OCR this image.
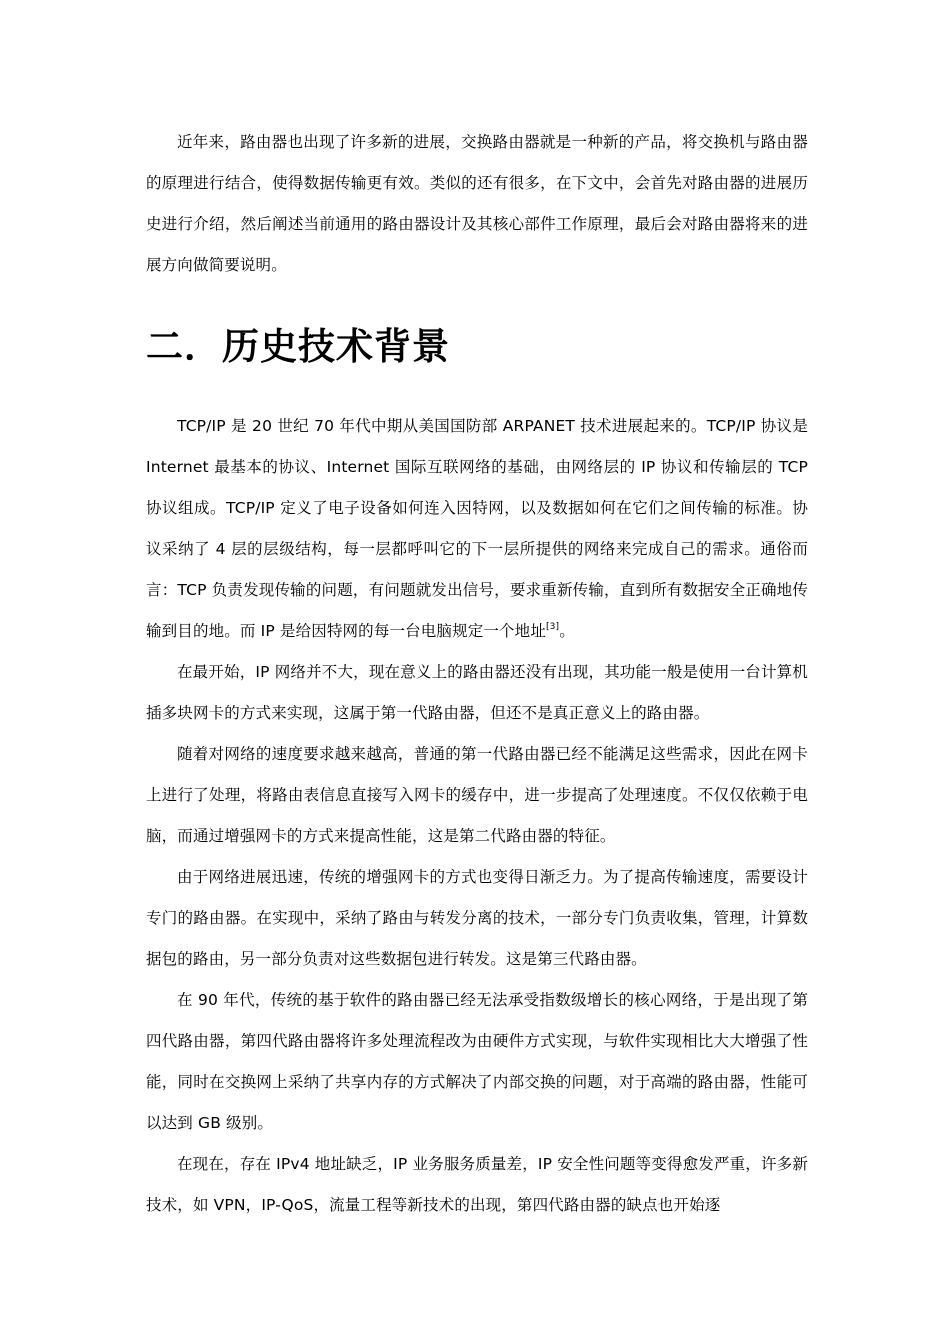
近年来，路由器也出现了许多新的进展，交换路由器就是一种新的产品，将交换机与路由器的原理进行结合，使得数据传输更有效。类似的还有很多，在下文中，会首先对路由器的进展历史进行介绍，然后阐述当前通用的路由器设计及其核心部件工作原理，最后会对路由器将来的进展方向做简要说明。

二．历史技术背景

TCP/IP 是 20 世纪 70 年代中期从美国国防部 ARPANET 技术进展起来的。TCP/IP 协议是 Internet 最基本的协议、Internet 国际互联网络的基础，由网络层的 IP 协议和传输层的 TCP 协议组成。TCP/IP 定义了电子设备如何连入因特网，以及数据如何在它们之间传输的标准。协议采纳了 4 层的层级结构，每一层都呼叫它的下一层所提供的网络来完成自己的需求。通俗而言：TCP 负责发现传输的问题，有问题就发出信号，要求重新传输，直到所有数据安全正确地传输到目的地。而 IP 是给因特网的每一台电脑规定一个地址[3]。

在最开始，IP 网络并不大，现在意义上的路由器还没有出现，其功能一般是使用一台计算机插多块网卡的方式来实现，这属于第一代路由器，但还不是真正意义上的路由器。

随着对网络的速度要求越来越高，普通的第一代路由器已经不能满足这些需求，因此在网卡上进行了处理，将路由表信息直接写入网卡的缓存中，进一步提高了处理速度。不仅仅依赖于电脑，而通过增强网卡的方式来提高性能，这是第二代路由器的特征。

由于网络进展迅速，传统的增强网卡的方式也变得日渐乏力。为了提高传输速度，需要设计专门的路由器。在实现中，采纳了路由与转发分离的技术，一部分专门负责收集，管理，计算数据包的路由，另一部分负责对这些数据包进行转发。这是第三代路由器。

在 90 年代，传统的基于软件的路由器已经无法承受指数级增长的核心网络，于是出现了第四代路由器，第四代路由器将许多处理流程改为由硬件方式实现，与软件实现相比大大增强了性能，同时在交换网上采纳了共享内存的方式解决了内部交换的问题，对于高端的路由器，性能可以达到 GB 级别。

在现在，存在 IPv4 地址缺乏，IP 业务服务质量差，IP 安全性问题等变得愈发严重，许多新技术，如 VPN，IP-QoS，流量工程等新技术的出现，第四代路由器的缺点也开始逐
